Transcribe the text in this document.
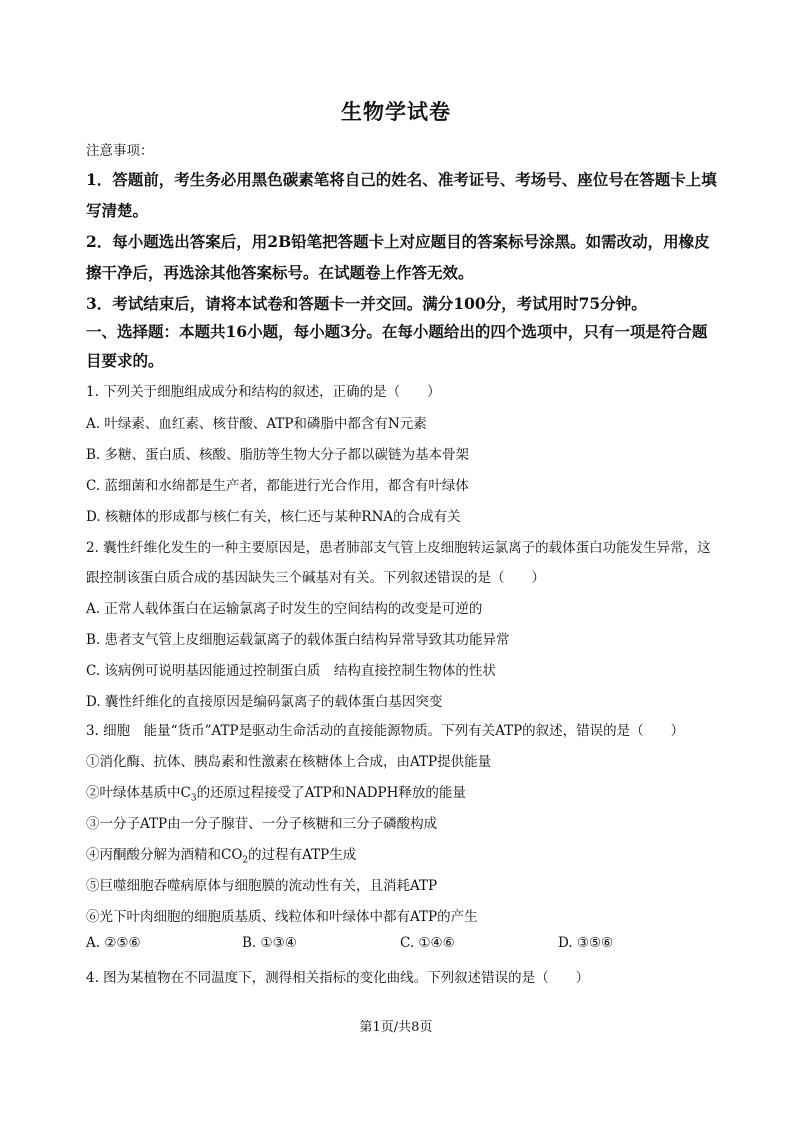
生物学试卷
注意事项：
1．答题前，考生务必用黑色碳素笔将自己的姓名、准考证号、考场号、座位号在答题卡上填
写清楚。
2．每小题选出答案后，用2B铅笔把答题卡上对应题目的答案标号涂黑。如需改动，用橡皮
擦干净后，再选涂其他答案标号。在试题卷上作答无效。
3．考试结束后，请将本试卷和答题卡一并交回。满分100分，考试用时75分钟。
一、选择题：本题共16小题，每小题3分。在每小题给出的四个选项中，只有一项是符合题
目要求的。
1. 下列关于细胞组成成分和结构的叙述，正确的是（　　）
A. 叶绿素、血红素、核苷酸、ATP和磷脂中都含有N元素
B. 多糖、蛋白质、核酸、脂肪等生物大分子都以碳链为基本骨架
C. 蓝细菌和水绵都是生产者，都能进行光合作用，都含有叶绿体
D. 核糖体的形成都与核仁有关，核仁还与某种RNA的合成有关
2. 囊性纤维化发生的一种主要原因是，患者肺部支气管上皮细胞转运氯离子的载体蛋白功能发生异常，这
跟控制该蛋白质合成的基因缺失三个碱基对有关。下列叙述错误的是（　　）
A. 正常人载体蛋白在运输氯离子时发生的空间结构的改变是可逆的
B. 患者支气管上皮细胞运载氯离子的载体蛋白结构异常导致其功能异常
C. 该病例可说明基因能通过控制蛋白质　结构直接控制生物体的性状
D. 囊性纤维化的直接原因是编码氯离子的载体蛋白基因突变
3. 细胞　能量“货币”ATP是驱动生命活动的直接能源物质。下列有关ATP的叙述，错误的是（　　）
①消化酶、抗体、胰岛素和性激素在核糖体上合成，由ATP提供能量
②叶绿体基质中$C_3$的还原过程接受了ATP和NADPH释放的能量
③一分子ATP由一分子腺苷、一分子核糖和三分子磷酸构成
④丙酮酸分解为酒精和$CO_2$的过程有ATP生成
⑤巨噬细胞吞噬病原体与细胞膜的流动性有关，且消耗ATP
⑥光下叶肉细胞的细胞质基质、线粒体和叶绿体中都有ATP的产生
A. ②⑤⑥	B. ①③④	C. ①④⑥	D. ③⑤⑥
4. 图为某植物在不同温度下，测得相关指标的变化曲线。下列叙述错误的是（　　）
第1页/共8页
